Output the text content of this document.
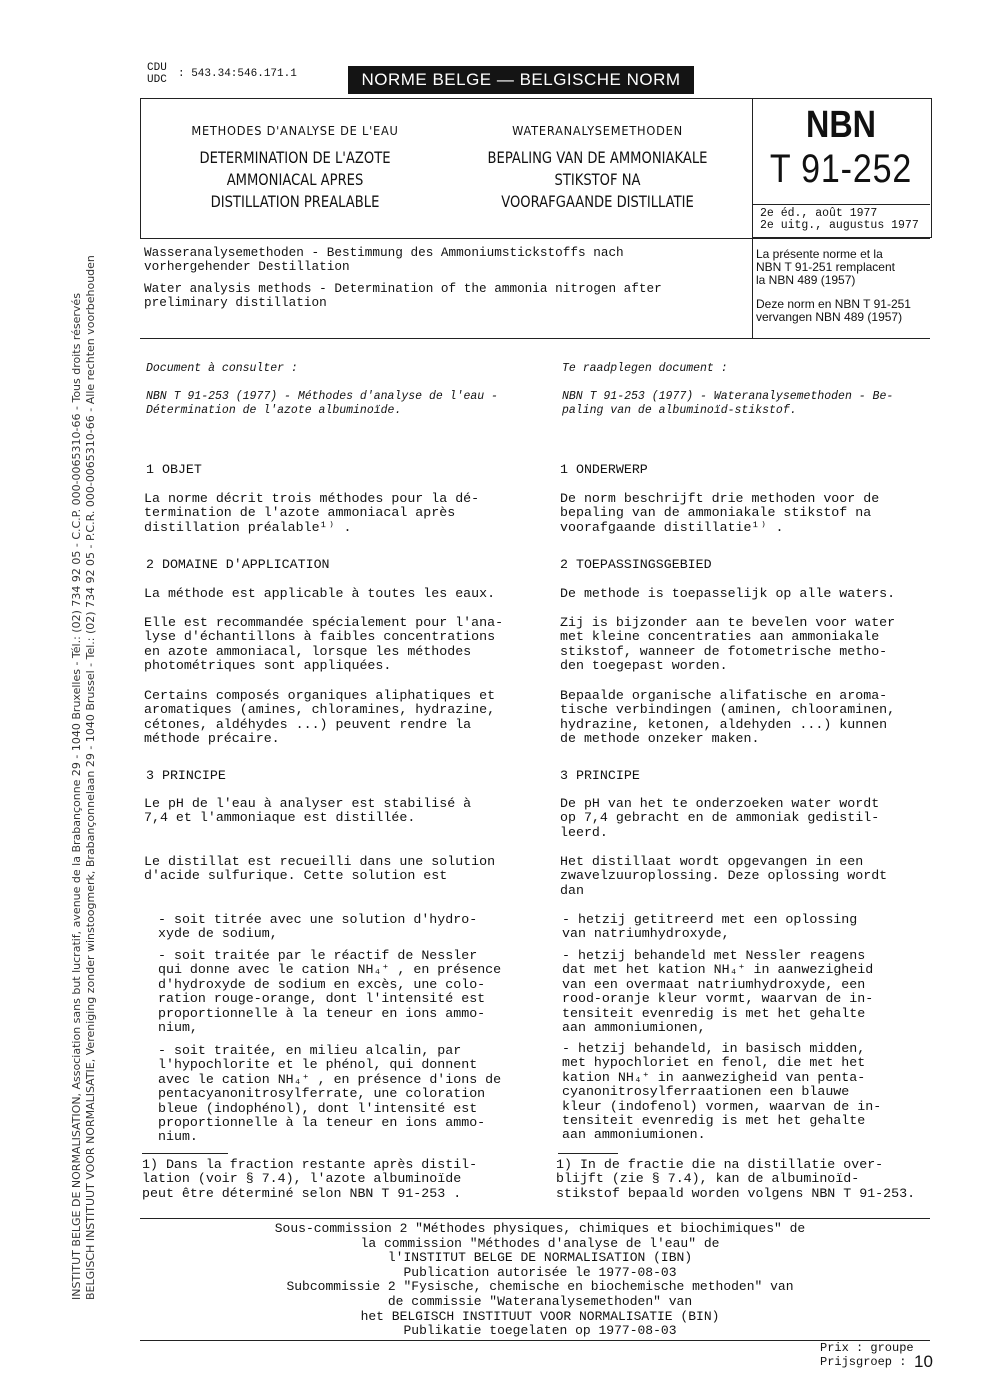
CDU
UDC : 543.34:546.171.1	NORME BELGE — BELGISCHE NORM
METHODES D'ANALYSE DE L'EAU
DETERMINATION DE L'AZOTE
AMMONIACAL APRES
DISTILLATION PREALABLE
WATERANALYSEMETHODEN
BEPALING VAN DE AMMONIAKALE
STIKSTOF NA
VOORAFGAANDE DISTILLATIE
NBN
T 91-252
2e éd., août 1977
2e uitg., augustus 1977
Wasseranalysemethoden - Bestimmung des Ammoniumstickstoffs nach
vorhergehender Destillation
Water analysis methods - Determination of the ammonia nitrogen after
preliminary distillation
La présente norme et la
NBN T 91-251 remplacent
la NBN 489 (1957)
Deze norm en NBN T 91-251
vervangen NBN 489 (1957)
Document à consulter :
NBN T 91-253 (1977) - Méthodes d'analyse de l'eau -
Détermination de l'azote albuminoïde.
Te raadplegen document :
NBN T 91-253 (1977) - Wateranalysemethoden - Be-
paling van de albuminoïd-stikstof.
1 OBJET
La norme décrit trois méthodes pour la dé-
termination de l'azote ammoniacal après
distillation préalable¹⁾ .
2 DOMAINE D'APPLICATION
La méthode est applicable à toutes les eaux.
Elle est recommandée spécialement pour l'ana-
lyse d'échantillons à faibles concentrations
en azote ammoniacal, lorsque les méthodes
photométriques sont appliquées.
Certains composés organiques aliphatiques et
aromatiques (amines, chloramines, hydrazine,
cétones, aldéhydes ...) peuvent rendre la
méthode précaire.
3 PRINCIPE
Le pH de l'eau à analyser est stabilisé à
7,4 et l'ammoniaque est distillée.
Le distillat est recueilli dans une solution
d'acide sulfurique. Cette solution est
- soit titrée avec une solution d'hydro-
xyde de sodium,
- soit traitée par le réactif de Nessler
qui donne avec le cation NH₄⁺ , en présence
d'hydroxyde de sodium en excès, une colo-
ration rouge-orange, dont l'intensité est
proportionnelle à la teneur en ions ammo-
nium,
- soit traitée, en milieu alcalin, par
l'hypochlorite et le phénol, qui donnent
avec le cation NH₄⁺ , en présence d'ions de
pentacyanonitrosylferrate, une coloration
bleue (indophénol), dont l'intensité est
proportionnelle à la teneur en ions ammo-
nium.
1) Dans la fraction restante après distil-
lation (voir § 7.4), l'azote albuminoïde
peut être déterminé selon NBN T 91-253 .
1 ONDERWERP
De norm beschrijft drie methoden voor de
bepaling van de ammoniakale stikstof na
voorafgaande distillatie¹⁾ .
2 TOEPASSINGSGEBIED
De methode is toepasselijk op alle waters.
Zij is bijzonder aan te bevelen voor water
met kleine concentraties aan ammoniakale
stikstof, wanneer de fotometrische metho-
den toegepast worden.
Bepaalde organische alifatische en aroma-
tische verbindingen (aminen, chlooraminen,
hydrazine, ketonen, aldehyden ...) kunnen
de methode onzeker maken.
3 PRINCIPE
De pH van het te onderzoeken water wordt
op 7,4 gebracht en de ammoniak gedistil-
leerd.
Het distillaat wordt opgevangen in een
zwavelzuuroplossing. Deze oplossing wordt
dan
- hetzij getitreerd met een oplossing
van natriumhydroxyde,
- hetzij behandeld met Nessler reagens
dat met het kation NH₄⁺ in aanwezigheid
van een overmaat natriumhydroxyde, een
rood-oranje kleur vormt, waarvan de in-
tensiteit evenredig is met het gehalte
aan ammoniumionen,
- hetzij behandeld, in basisch midden,
met hypochloriet en fenol, die met het
kation NH₄⁺ in aanwezigheid van penta-
cyanonitrosylferraationen een blauwe
kleur (indofenol) vormen, waarvan de in-
tensiteit evenredig is met het gehalte
aan ammoniumionen.
1) In de fractie die na distillatie over-
blijft (zie § 7.4), kan de albuminoïd-
stikstof bepaald worden volgens NBN T 91-253.
Sous-commission 2 "Méthodes physiques, chimiques et biochimiques" de
la commission "Méthodes d'analyse de l'eau" de
l'INSTITUT BELGE DE NORMALISATION (IBN)
Publication autorisée le 1977-08-03
Subcommissie 2 "Fysische, chemische en biochemische methoden" van
de commissie "Wateranalysemethoden" van
het BELGISCH INSTITUUT VOOR NORMALISATIE (BIN)
Publikatie toegelaten op 1977-08-03
Prix : groupe
Prijsgroep : 10
INSTITUT BELGE DE NORMALISATION, Association sans but lucratif, avenue de la Brabançonne 29 - 1040 Bruxelles - Tél.: (02) 734 92 05 - C.C.P. 000-0065310-66 - Tous droits réservés BELGISCH INSTITUUT VOOR NORMALISATIE, Vereniging zonder winstoogmerk, Brabançonnelaan 29 - 1040 Brussel - Tel.: (02) 734 92 05 - P.C.R. 000-0065310-66 - Alle rechten voorbehouden
